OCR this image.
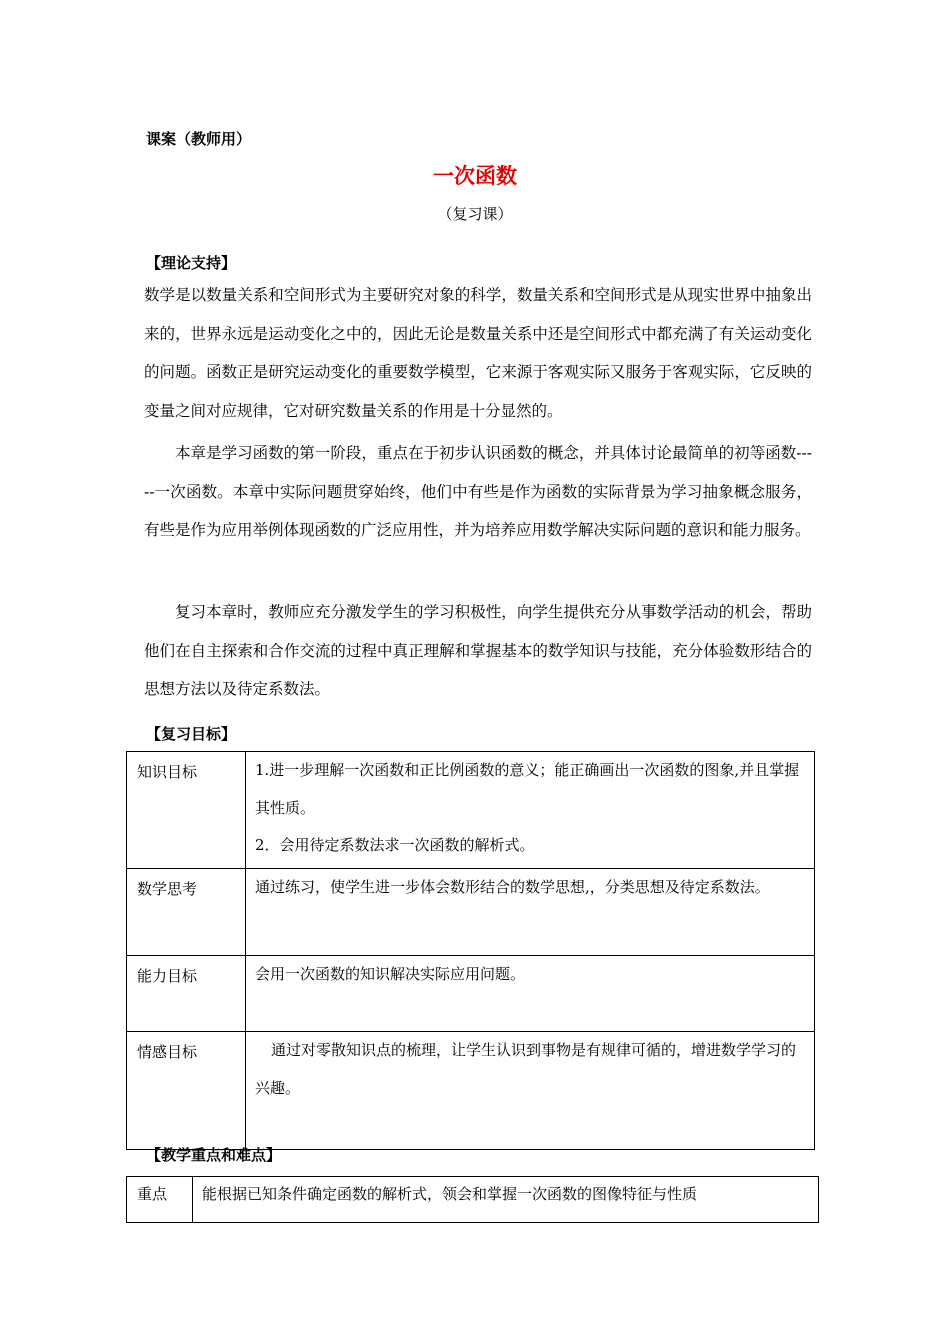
课案（教师用）
一次函数
（复习课）
【理论支持】
数学是以数量关系和空间形式为主要研究对象的科学，数量关系和空间形式是从现实世界中抽象出来的，世界永远是运动变化之中的，因此无论是数量关系中还是空间形式中都充满了有关运动变化的问题。函数正是研究运动变化的重要数学模型，它来源于客观实际又服务于客观实际，它反映的变量之间对应规律，它对研究数量关系的作用是十分显然的。
本章是学习函数的第一阶段，重点在于初步认识函数的概念，并具体讨论最简单的初等函数-----一次函数。本章中实际问题贯穿始终，他们中有些是作为函数的实际背景为学习抽象概念服务，有些是作为应用举例体现函数的广泛应用性，并为培养应用数学解决实际问题的意识和能力服务。
复习本章时，教师应充分激发学生的学习积极性，向学生提供充分从事数学活动的机会，帮助他们在自主探索和合作交流的过程中真正理解和掌握基本的数学知识与技能，充分体验数形结合的思想方法以及待定系数法。
【复习目标】
知识目标	1.进一步理解一次函数和正比例函数的意义；能正确画出一次函数的图象,并且掌握其性质。
2．会用待定系数法求一次函数的解析式。

数学思考	通过练习，使学生进一步体会数形结合的数学思想,，分类思想及待定系数法。

能力目标	会用一次函数的知识解决实际应用问题。

情感目标	通过对零散知识点的梳理，让学生认识到事物是有规律可循的，增进数学学习的兴趣。
【教学重点和难点】
重点	能根据已知条件确定函数的解析式，领会和掌握一次函数的图像特征与性质
